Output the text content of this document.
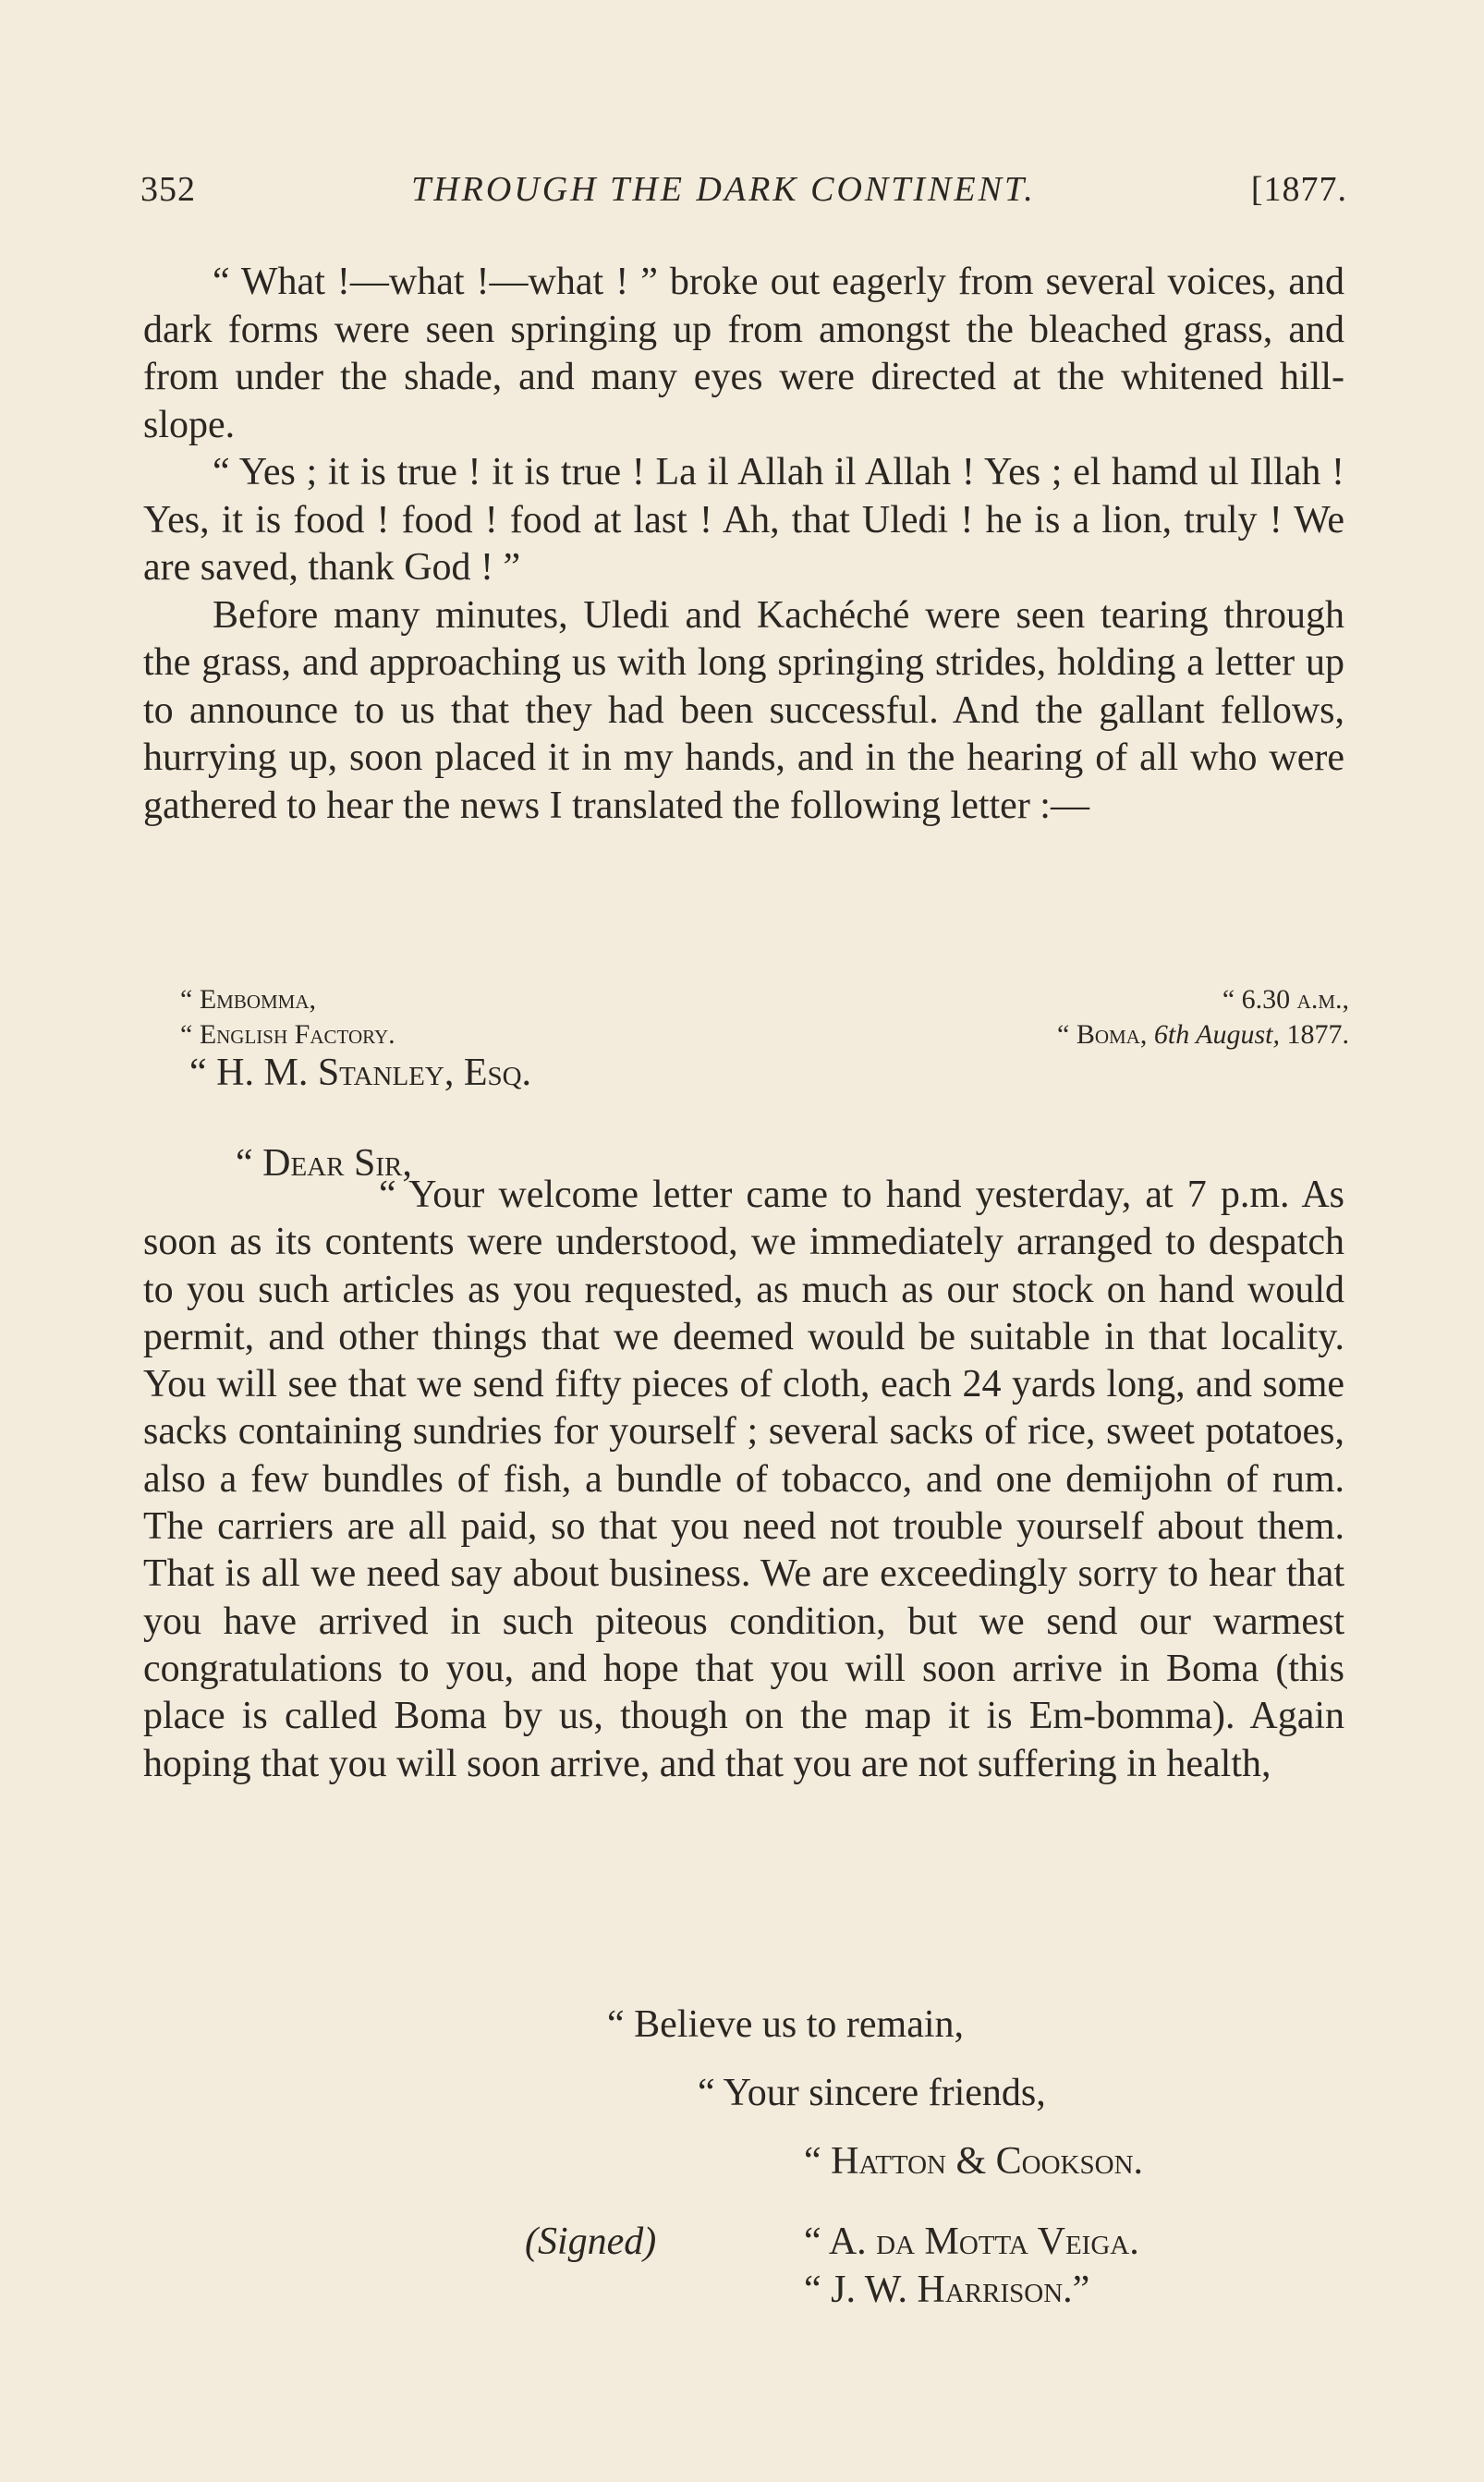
352	THROUGH THE DARK CONTINENT.	[1877.

“ What !—what !—what ! ” broke out eagerly from several voices, and dark forms were seen springing up from amongst the bleached grass, and from under the shade, and many eyes were directed at the whitened hill-slope.

“ Yes ; it is true ! it is true ! La il Allah il Allah ! Yes ; el hamd ul Illah ! Yes, it is food ! food ! food at last ! Ah, that Uledi ! he is a lion, truly ! We are saved, thank God ! ”

Before many minutes, Uledi and Kachéché were seen tearing through the grass, and approaching us with long springing strides, holding a letter up to announce to us that they had been successful. And the gallant fellows, hurrying up, soon placed it in my hands, and in the hearing of all who were gathered to hear the news I translated the following letter :—

“ Embomma,	“ 6.30 a.m.,
“ English Factory.	“ Boma, 6th August, 1877.
“ H. M. Stanley, Esq.
“ Dear Sir,

“ Your welcome letter came to hand yesterday, at 7 p.m. As soon as its contents were understood, we immediately arranged to despatch to you such articles as you requested, as much as our stock on hand would permit, and other things that we deemed would be suitable in that locality. You will see that we send fifty pieces of cloth, each 24 yards long, and some sacks containing sundries for yourself ; several sacks of rice, sweet potatoes, also a few bundles of fish, a bundle of tobacco, and one demijohn of rum. The carriers are all paid, so that you need not trouble yourself about them. That is all we need say about business. We are exceedingly sorry to hear that you have arrived in such piteous condition, but we send our warmest congratulations to you, and hope that you will soon arrive in Boma (this place is called Boma by us, though on the map it is Em-bomma). Again hoping that you will soon arrive, and that you are not suffering in health,

“ Believe us to remain,
“ Your sincere friends,
“ Hatton & Cookson.
(Signed)	“ A. da Motta Veiga.
“ J. W. Harrison.”
